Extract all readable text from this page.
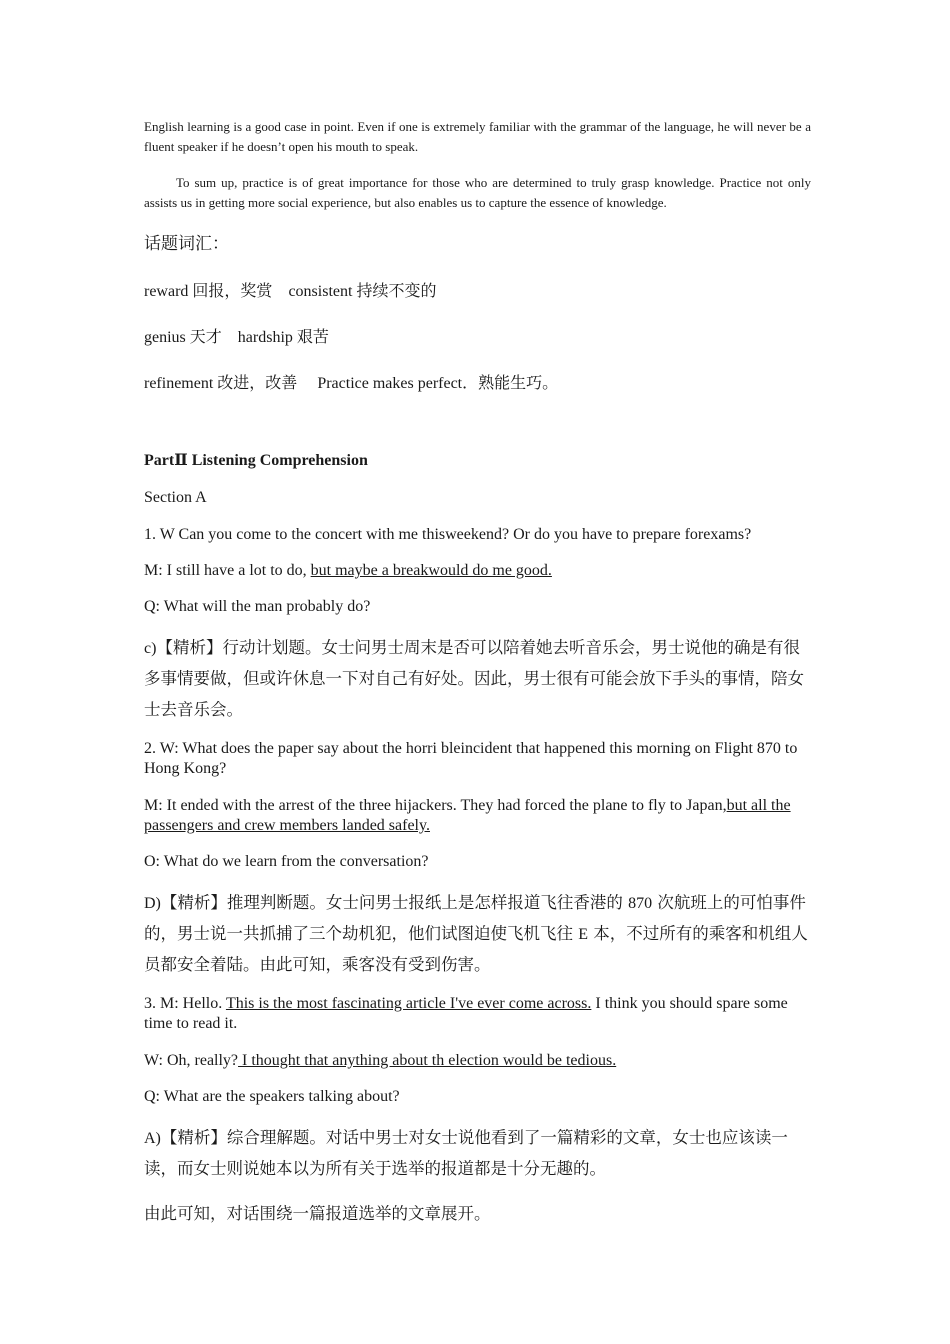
English learning is a good case in point. Even if one is extremely familiar with the grammar of the language, he will never be a fluent speaker if he doesn’t open his mouth to speak.

To sum up, practice is of great importance for those who are determined to truly grasp knowledge. Practice not only assists us in getting more social experience, but also enables us to capture the essence of knowledge.

话题词汇：

reward 回报，奖赏 consistent 持续不变的

genius 天才 hardship 艰苦

refinement 改进，改善 Practice makes perfect．熟能生巧。

PartⅡ Listening Comprehension

Section A

1. W Can you come to the concert with me thisweekend? Or do you have to prepare forexams?

M: I still have a lot to do, but maybe a breakwould do me good.

Q: What will the man probably do?

c)【精析】行动计划题。女士问男士周末是否可以陪着她去听音乐会，男士说他的确是有很多事情要做，但或许休息一下对自己有好处。因此，男士很有可能会放下手头的事情，陪女士去音乐会。

2. W: What does the paper say about the horri bleincident that happened this morning on Flight 870 to Hong Kong?

M: It ended with the arrest of the three hijackers. They had forced the plane to fly to Japan,but all the passengers and crew members landed safely.

O: What do we learn from the conversation?

D)【精析】推理判断题。女士问男士报纸上是怎样报道飞往香港的 870 次航班上的可怕事件的，男士说一共抓捕了三个劫机犯，他们试图迫使飞机飞往 E 本，不过所有的乘客和机组人员都安全着陆。由此可知，乘客没有受到伤害。

3. M: Hello. This is the most fascinating article I've ever come across. I think you should spare some time to read it.

W: Oh, really? I thought that anything about th election would be tedious.

Q: What are the speakers talking about?

A)【精析】综合理解题。对话中男士对女士说他看到了一篇精彩的文章，女士也应该读一读，而女士则说她本以为所有关于选举的报道都是十分无趣的。

由此可知，对话围绕一篇报道选举的文章展开。
